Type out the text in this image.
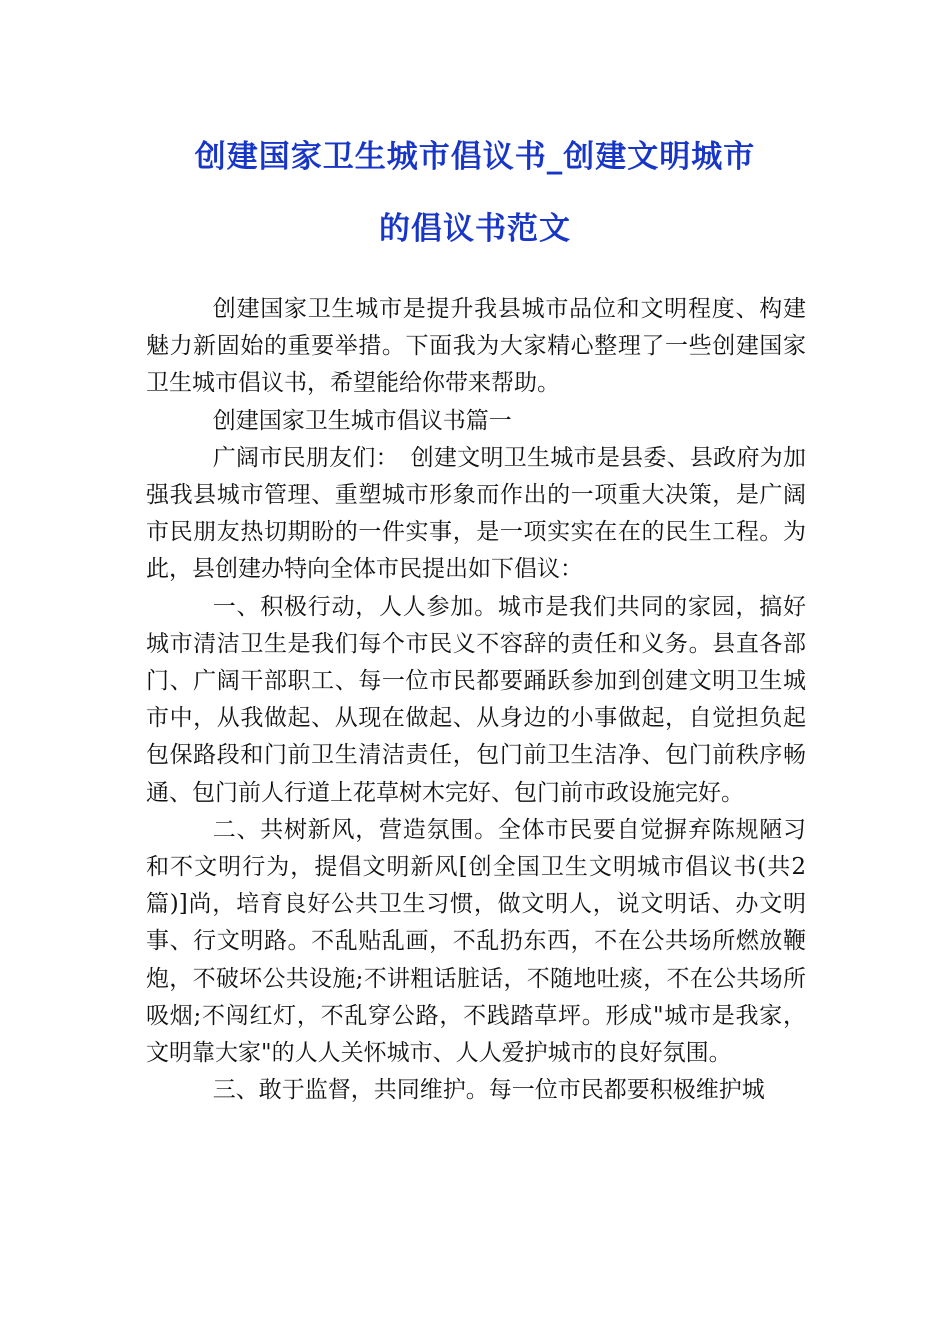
创建国家卫生城市倡议书_创建文明城市
的倡议书范文

创建国家卫生城市是提升我县城市品位和文明程度、构建魅力新固始的重要举措。下面我为大家精心整理了一些创建国家卫生城市倡议书，希望能给你带来帮助。

创建国家卫生城市倡议书篇一

广阔市民朋友们：　创建文明卫生城市是县委、县政府为加强我县城市管理、重塑城市形象而作出的一项重大决策，是广阔市民朋友热切期盼的一件实事，是一项实实在在的民生工程。为此，县创建办特向全体市民提出如下倡议：

一、积极行动，人人参加。城市是我们共同的家园，搞好城市清洁卫生是我们每个市民义不容辞的责任和义务。县直各部门、广阔干部职工、每一位市民都要踊跃参加到创建文明卫生城市中，从我做起、从现在做起、从身边的小事做起，自觉担负起包保路段和门前卫生清洁责任，包门前卫生洁净、包门前秩序畅通、包门前人行道上花草树木完好、包门前市政设施完好。

二、共树新风，营造氛围。全体市民要自觉摒弃陈规陋习和不文明行为，提倡文明新风[创全国卫生文明城市倡议书(共2篇)]尚，培育良好公共卫生习惯，做文明人，说文明话、办文明事、行文明路。不乱贴乱画，不乱扔东西，不在公共场所燃放鞭炮，不破坏公共设施;不讲粗话脏话，不随地吐痰，不在公共场所吸烟;不闯红灯，不乱穿公路，不践踏草坪。形成"城市是我家，文明靠大家"的人人关怀城市、人人爱护城市的良好氛围。

三、敢于监督，共同维护。每一位市民都要积极维护城
